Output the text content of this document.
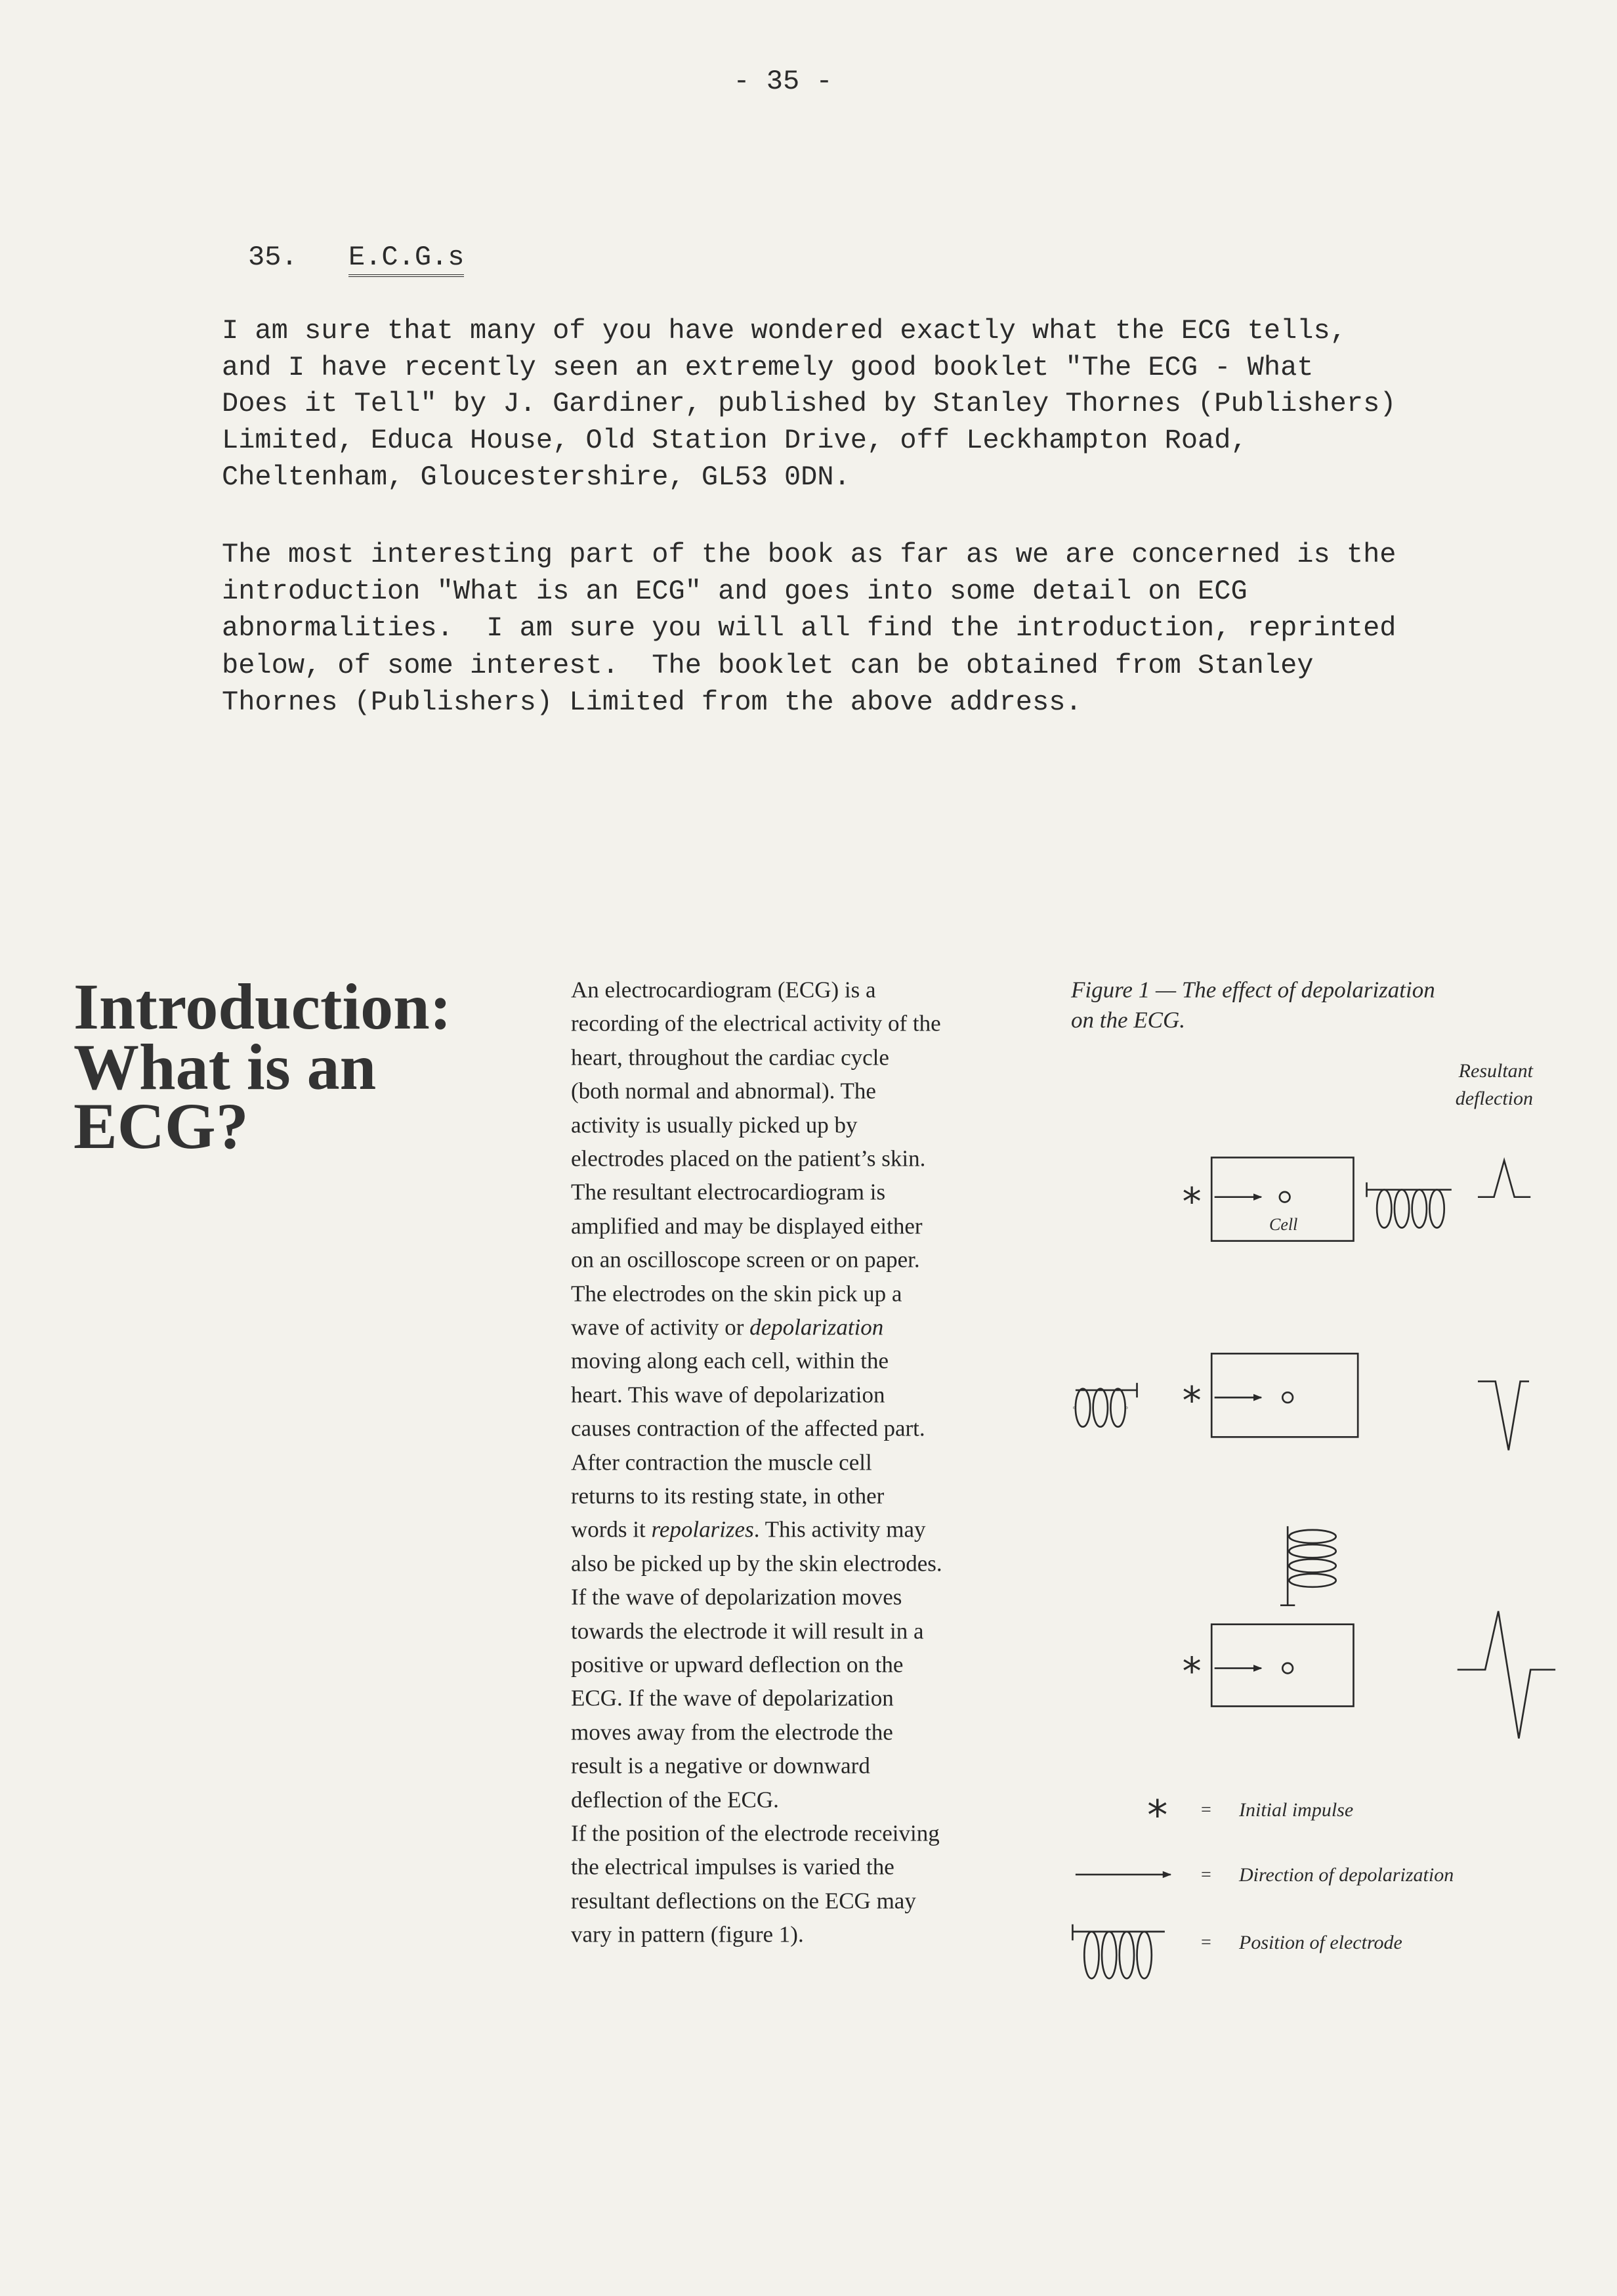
- 35 -
35. E.C.G.s
I am sure that many of you have wondered exactly what the ECG tells,
and I have recently seen an extremely good booklet "The ECG - What
Does it Tell" by J. Gardiner, published by Stanley Thornes (Publishers)
Limited, Educa House, Old Station Drive, off Leckhampton Road,
Cheltenham, Gloucestershire, GL53 0DN.
The most interesting part of the book as far as we are concerned is the
introduction "What is an ECG" and goes into some detail on ECG
abnormalities.  I am sure you will all find the introduction, reprinted
below, of some interest.  The booklet can be obtained from Stanley
Thornes (Publishers) Limited from the above address.
Introduction:
What is an
ECG?
An electrocardiogram (ECG) is a
recording of the electrical activity of the
heart, throughout the cardiac cycle
(both normal and abnormal). The
activity is usually picked up by
electrodes placed on the patient’s skin.
The resultant electrocardiogram is
amplified and may be displayed either
on an oscilloscope screen or on paper.
The electrodes on the skin pick up a
wave of activity or depolarization
moving along each cell, within the
heart. This wave of depolarization
causes contraction of the affected part.
After contraction the muscle cell
returns to its resting state, in other
words it repolarizes. This activity may
also be picked up by the skin electrodes.
If the wave of depolarization moves
towards the electrode it will result in a
positive or upward deflection on the
ECG. If the wave of depolarization
moves away from the electrode the
result is a negative or downward
deflection of the ECG.
If the position of the electrode receiving
the electrical impulses is varied the
resultant deflections on the ECG may
vary in pattern (figure 1).
Figure 1 — The effect of depolarization
on the ECG.
Resultant
deflection
Cell
= Initial impulse
= Direction of depolarization
= Position of electrode
*
*
*
*
